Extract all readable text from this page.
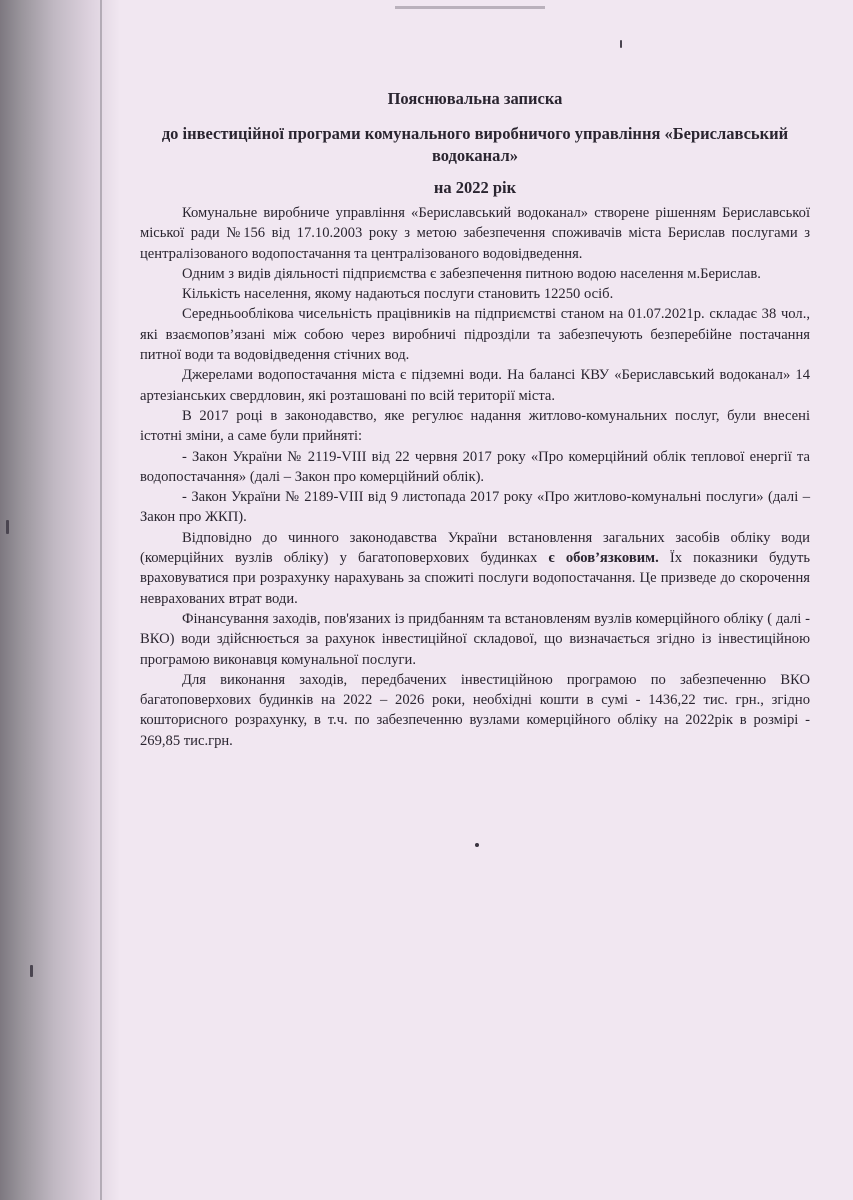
Пояснювальна записка

до інвестиційної програми комунального виробничого управління «Бериславський водоканал»

на 2022 рік

Комунальне виробниче управління «Бериславський водоканал» створене рішенням Бериславської міської ради №156 від 17.10.2003 року з метою забезпечення споживачів міста Берислав послугами з централізованого водопостачання та централізованого водовідведення.

Одним з видів діяльності підприємства є забезпечення питною водою населення м.Берислав.

Кількість населення, якому надаються послуги становить 12250 осіб.

Середньооблікова чисельність працівників на підприємстві станом на 01.07.2021р. складає 38 чол., які взаємопов’язані між собою через виробничі підрозділи та забезпечують безперебійне постачання питної води та водовідведення стічних вод.

Джерелами водопостачання міста є підземні води. На балансі КВУ «Бериславський водоканал» 14 артезіанських свердловин, які розташовані по всій території міста.

В 2017 році в законодавство, яке регулює надання житлово-комунальних послуг, були внесені істотні зміни, а саме були прийняті:

- Закон України № 2119-VIII від 22 червня 2017 року «Про комерційний облік теплової енергії та водопостачання» (далі – Закон про комерційний облік).

- Закон України № 2189-VIII від 9 листопада 2017 року «Про житлово-комунальні послуги» (далі – Закон про ЖКП).

Відповідно до чинного законодавства України встановлення загальних засобів обліку води (комерційних вузлів обліку) у багатоповерхових будинках є обов’язковим. Їх показники будуть враховуватися при розрахунку нарахувань за спожиті послуги водопостачання. Це призведе до скорочення неврахованих втрат води.

Фінансування заходів, пов'язаних із придбанням та встановленям вузлів комерційного обліку ( далі - ВКО) води здійснюється за рахунок інвестиційної складової, що визначається згідно із інвестиційною програмою виконавця комунальної послуги.

Для виконання заходів, передбачених інвестиційною програмою по забезпеченню ВКО багатоповерхових будинків на 2022 – 2026 роки, необхідні кошти в сумі - 1436,22 тис. грн., згідно кошторисного розрахунку, в т.ч. по забезпеченню вузлами комерційного обліку на 2022рік в розмірі - 269,85 тис.грн.
